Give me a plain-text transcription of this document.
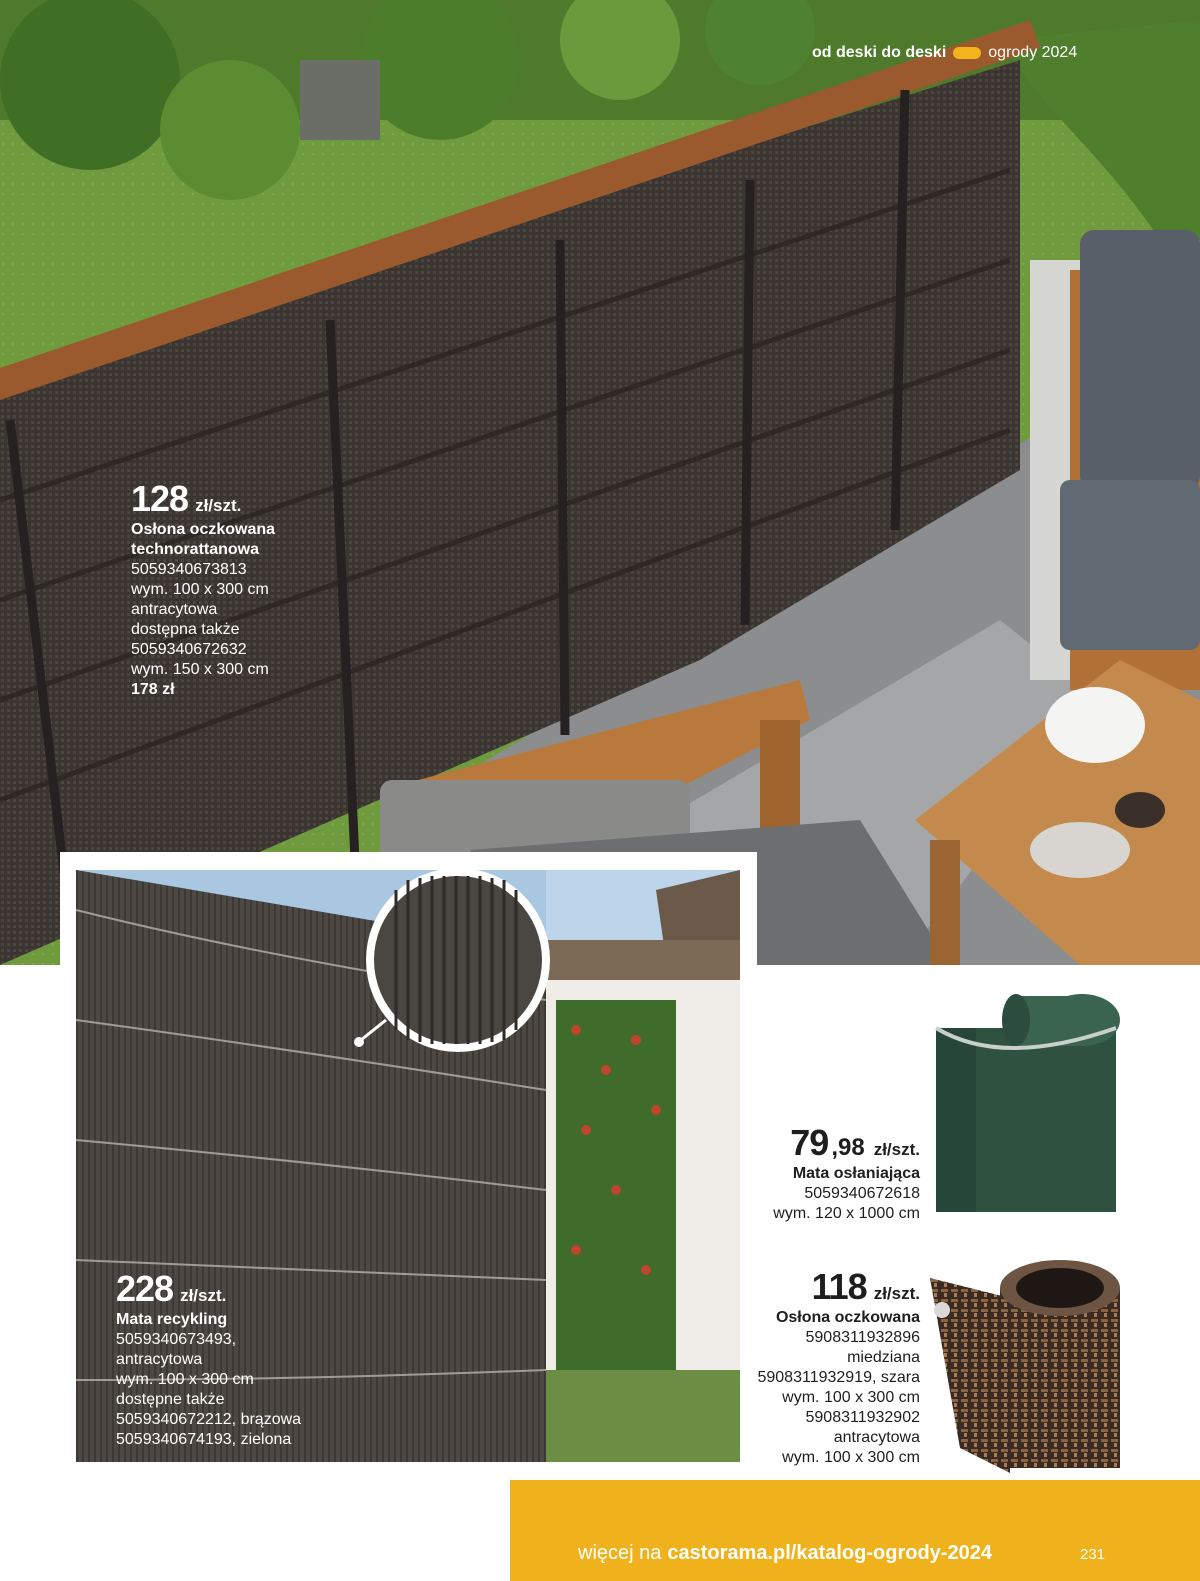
od deski do deski	ogrody 2024
128 zł/szt.
Osłona oczkowana
technorattanowa
5059340673813
wym. 100 x 300 cm
antracytowa
dostępna także
5059340672632
wym. 150 x 300 cm
178 zł
228 zł/szt.
Mata recykling
5059340673493,
antracytowa
wym. 100 x 300 cm
dostępne także
5059340672212, brązowa
5059340674193, zielona
79 ,98 zł/szt.
Mata osłaniająca
5059340672618
wym. 120 x 1000 cm
118 zł/szt.
Osłona oczkowana
5908311932896
miedziana
5908311932919, szara
wym. 100 x 300 cm
5908311932902
antracytowa
wym. 100 x 300 cm
więcej na castorama.pl/katalog-ogrody-2024	231
